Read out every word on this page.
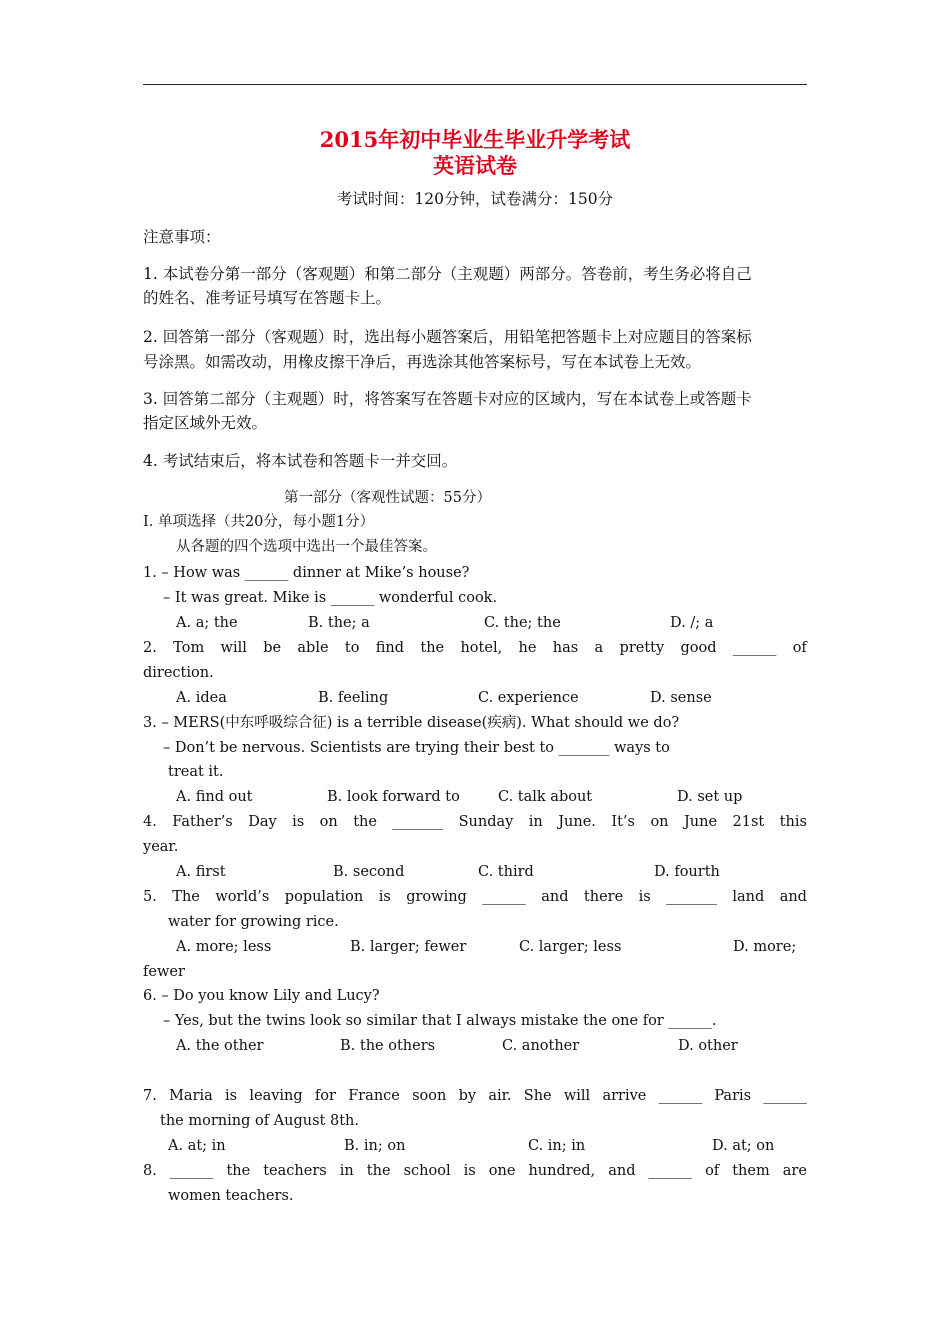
2015年初中毕业生毕业升学考试
英语试卷
考试时间：120分钟，试卷满分：150分
注意事项：
1. 本试卷分第一部分（客观题）和第二部分（主观题）两部分。答卷前，考生务必将自己
的姓名、准考证号填写在答题卡上。
2. 回答第一部分（客观题）时，选出每小题答案后，用铅笔把答题卡上对应题目的答案标
号涂黑。如需改动，用橡皮擦干净后，再选涂其他答案标号，写在本试卷上无效。
3. 回答第二部分（主观题）时，将答案写在答题卡对应的区域内，写在本试卷上或答题卡
指定区域外无效。
4. 考试结束后，将本试卷和答题卡一并交回。
第一部分（客观性试题：55分）
Ⅰ. 单项选择（共20分，每小题1分）
从各题的四个选项中选出一个最佳答案。
1. – How was ______ dinner at Mike’s house?
– It was great. Mike is ______ wonderful cook.
A. a; the	B. the; a	C. the; the	D. /; a
2. Tom will be able to find the hotel, he has a pretty good ______ of
direction.
A. idea	B. feeling	C. experience	D. sense
3. – MERS(中东呼吸综合征) is a terrible disease(疾病). What should we do?
– Don’t be nervous. Scientists are trying their best to _______ ways to
treat it.
A. find out	B. look forward to	C. talk about	D. set up
4. Father’s Day is on the _______ Sunday in June. It’s on June 21st this
year.
A. first	B. second	C. third	D. fourth
5. The world’s population is growing ______ and there is _______ land and
water for growing rice.
A. more; less	B. larger; fewer	C. larger; less	D. more;
fewer
6. – Do you know Lily and Lucy?
– Yes, but the twins look so similar that I always mistake the one for ______.
A. the other	B. the others	C. another	D. other
7. Maria is leaving for France soon by air. She will arrive ______ Paris ______
the morning of August 8th.
A. at; in	B. in; on	C. in; in	D. at; on
8. ______ the teachers in the school is one hundred, and ______ of them are
women teachers.
